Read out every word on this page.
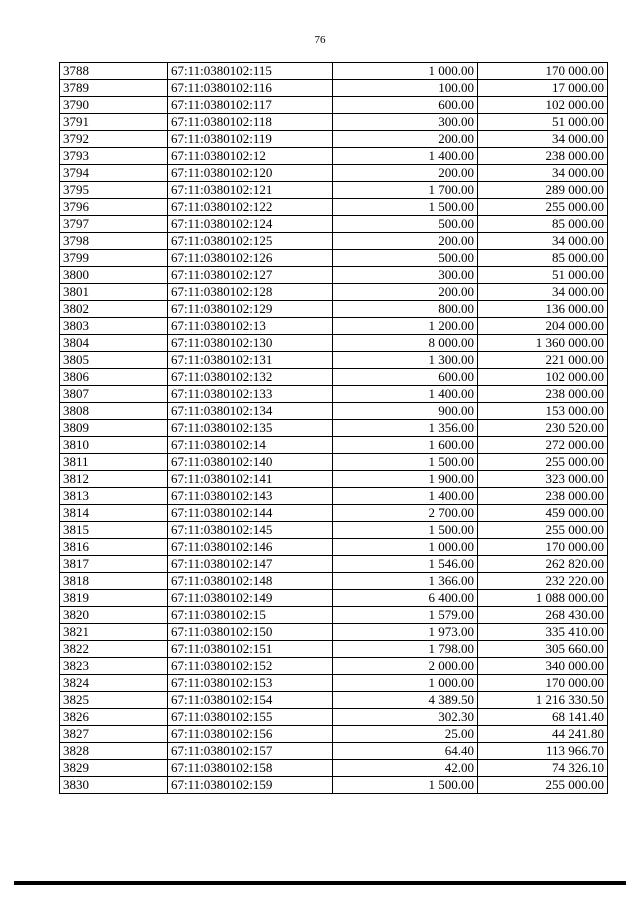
76
3788	67:11:0380102:115	1 000.00	170 000.00
3789	67:11:0380102:116	100.00	17 000.00
3790	67:11:0380102:117	600.00	102 000.00
3791	67:11:0380102:118	300.00	51 000.00
3792	67:11:0380102:119	200.00	34 000.00
3793	67:11:0380102:12	1 400.00	238 000.00
3794	67:11:0380102:120	200.00	34 000.00
3795	67:11:0380102:121	1 700.00	289 000.00
3796	67:11:0380102:122	1 500.00	255 000.00
3797	67:11:0380102:124	500.00	85 000.00
3798	67:11:0380102:125	200.00	34 000.00
3799	67:11:0380102:126	500.00	85 000.00
3800	67:11:0380102:127	300.00	51 000.00
3801	67:11:0380102:128	200.00	34 000.00
3802	67:11:0380102:129	800.00	136 000.00
3803	67:11:0380102:13	1 200.00	204 000.00
3804	67:11:0380102:130	8 000.00	1 360 000.00
3805	67:11:0380102:131	1 300.00	221 000.00
3806	67:11:0380102:132	600.00	102 000.00
3807	67:11:0380102:133	1 400.00	238 000.00
3808	67:11:0380102:134	900.00	153 000.00
3809	67:11:0380102:135	1 356.00	230 520.00
3810	67:11:0380102:14	1 600.00	272 000.00
3811	67:11:0380102:140	1 500.00	255 000.00
3812	67:11:0380102:141	1 900.00	323 000.00
3813	67:11:0380102:143	1 400.00	238 000.00
3814	67:11:0380102:144	2 700.00	459 000.00
3815	67:11:0380102:145	1 500.00	255 000.00
3816	67:11:0380102:146	1 000.00	170 000.00
3817	67:11:0380102:147	1 546.00	262 820.00
3818	67:11:0380102:148	1 366.00	232 220.00
3819	67:11:0380102:149	6 400.00	1 088 000.00
3820	67:11:0380102:15	1 579.00	268 430.00
3821	67:11:0380102:150	1 973.00	335 410.00
3822	67:11:0380102:151	1 798.00	305 660.00
3823	67:11:0380102:152	2 000.00	340 000.00
3824	67:11:0380102:153	1 000.00	170 000.00
3825	67:11:0380102:154	4 389.50	1 216 330.50
3826	67:11:0380102:155	302.30	68 141.40
3827	67:11:0380102:156	25.00	44 241.80
3828	67:11:0380102:157	64.40	113 966.70
3829	67:11:0380102:158	42.00	74 326.10
3830	67:11:0380102:159	1 500.00	255 000.00
